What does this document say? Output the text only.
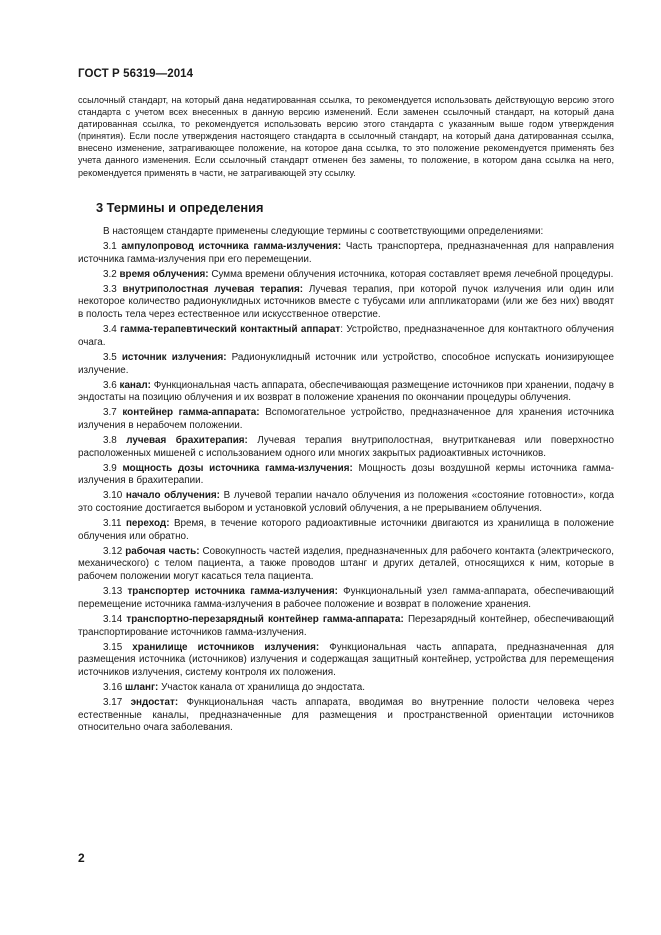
ГОСТ Р 56319—2014

ссылочный стандарт, на который дана недатированная ссылка, то рекомендуется использовать действующую версию этого стандарта с учетом всех внесенных в данную версию изменений. Если заменен ссылочный стандарт, на который дана датированная ссылка, то рекомендуется использовать версию этого стандарта с указанным выше годом утверждения (принятия). Если после утверждения настоящего стандарта в ссылочный стандарт, на который дана датированная ссылка, внесено изменение, затрагивающее положение, на которое дана ссылка, то это положение рекомендуется применять без учета данного изменения. Если ссылочный стандарт отменен без замены, то положение, в котором дана ссылка на него, рекомендуется применять в части, не затрагивающей эту ссылку.

3 Термины и определения

В настоящем стандарте применены следующие термины с соответствующими определениями:

3.1 ампулопровод источника гамма-излучения: Часть транспортера, предназначенная для направления источника гамма-излучения при его перемещении.

3.2 время облучения: Сумма времени облучения источника, которая составляет время лечебной процедуры.

3.3 внутриполостная лучевая терапия: Лучевая терапия, при которой пучок излучения или один или некоторое количество радионуклидных источников вместе с тубусами или аппликаторами (или же без них) вводят в полость тела через естественное или искусственное отверстие.

3.4 гамма-терапевтический контактный аппарат: Устройство, предназначенное для контактного облучения очага.

3.5 источник излучения: Радионуклидный источник или устройство, способное испускать ионизирующее излучение.

3.6 канал: Функциональная часть аппарата, обеспечивающая размещение источников при хранении, подачу в эндостаты на позицию облучения и их возврат в положение хранения по окончании процедуры облучения.

3.7 контейнер гамма-аппарата: Вспомогательное устройство, предназначенное для хранения источника излучения в нерабочем положении.

3.8 лучевая брахитерапия: Лучевая терапия внутриполостная, внутритканевая или поверхностно расположенных мишеней с использованием одного или многих закрытых радиоактивных источников.

3.9 мощность дозы источника гамма-излучения: Мощность дозы воздушной кермы источника гамма-излучения в брахитерапии.

3.10 начало облучения: В лучевой терапии начало облучения из положения «состояние готовности», когда это состояние достигается выбором и установкой условий облучения, а не прерыванием облучения.

3.11 переход: Время, в течение которого радиоактивные источники двигаются из хранилища в положение облучения или обратно.

3.12 рабочая часть: Совокупность частей изделия, предназначенных для рабочего контакта (электрического, механического) с телом пациента, а также проводов штанг и других деталей, относящихся к ним, которые в рабочем положении могут касаться тела пациента.

3.13 транспортер источника гамма-излучения: Функциональный узел гамма-аппарата, обеспечивающий перемещение источника гамма-излучения в рабочее положение и возврат в положение хранения.

3.14 транспортно-перезарядный контейнер гамма-аппарата: Перезарядный контейнер, обеспечивающий транспортирование источников гамма-излучения.

3.15 хранилище источников излучения: Функциональная часть аппарата, предназначенная для размещения источника (источников) излучения и содержащая защитный контейнер, устройства для перемещения источников излучения, систему контроля их положения.

3.16 шланг: Участок канала от хранилища до эндостата.

3.17 эндостат: Функциональная часть аппарата, вводимая во внутренние полости человека через естественные каналы, предназначенные для размещения и пространственной ориентации источников относительно очага заболевания.

2
